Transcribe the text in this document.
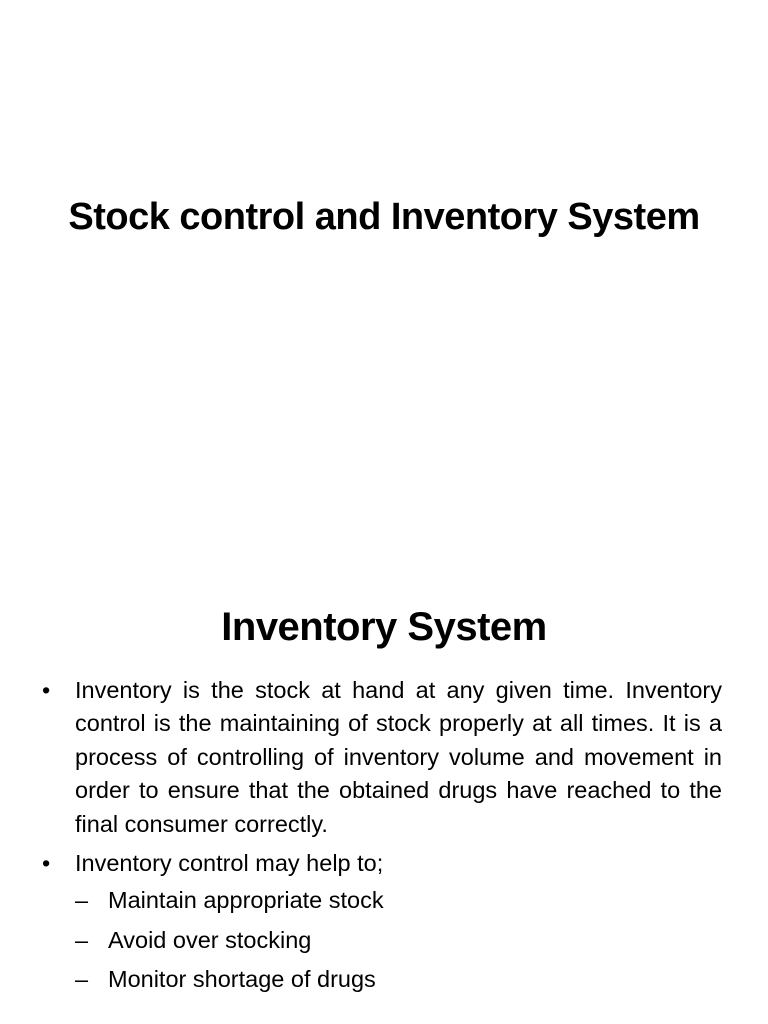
Stock control and Inventory System
Inventory System
• Inventory is the stock at hand at any given time. Inventory control is the maintaining of stock properly at all times. It is a process of controlling of inventory volume and movement in order to ensure that the obtained drugs have reached to the final consumer correctly.
• Inventory control may help to;
– Maintain appropriate stock
– Avoid over stocking
– Monitor shortage of drugs
